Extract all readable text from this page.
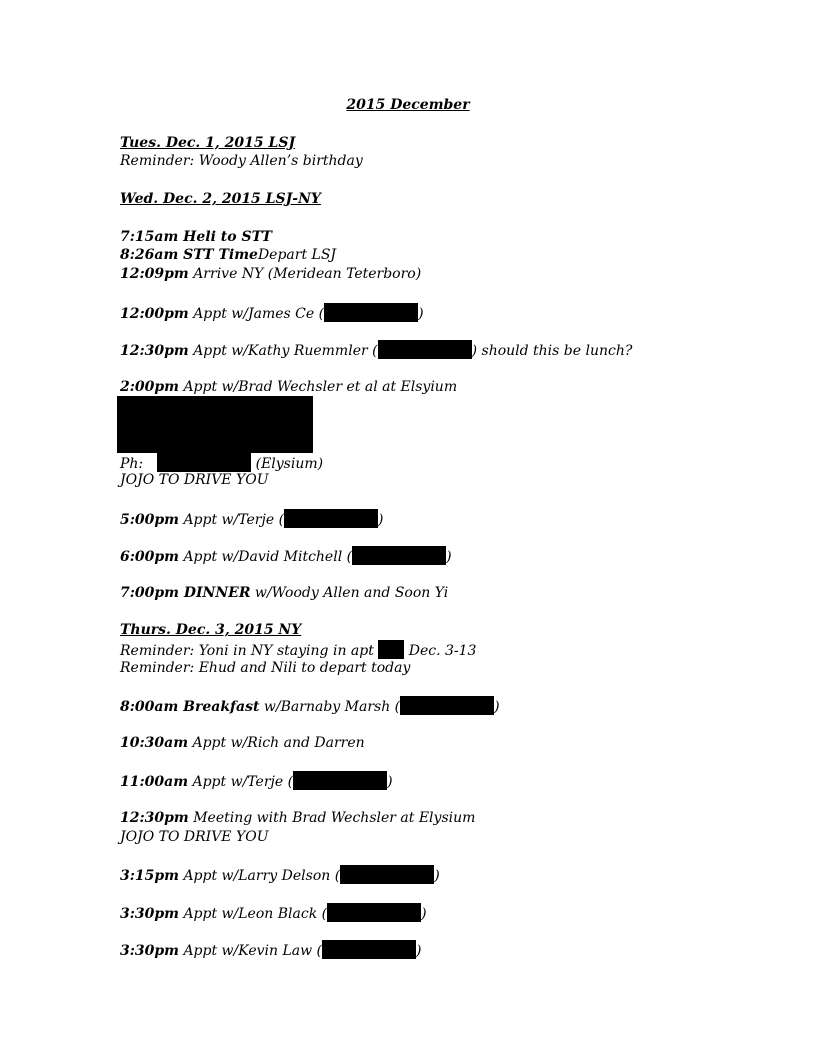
2015 December
Tues. Dec. 1, 2015 LSJ
Reminder: Woody Allen’s birthday
Wed. Dec. 2, 2015 LSJ-NY
7:15am Heli to STT
8:26am STT TimeDepart LSJ
12:09pm Arrive NY (Meridean Teterboro)
12:00pm Appt w/James Ce (	)
12:30pm Appt w/Kathy Ruemmler (	) should this be lunch?
2:00pm Appt w/Brad Wechsler et al at Elsyium
Ph:	(Elysium)
JOJO TO DRIVE YOU
5:00pm Appt w/Terje (	)
6:00pm Appt w/David Mitchell (	)
7:00pm DINNER w/Woody Allen and Soon Yi
Thurs. Dec. 3, 2015 NY
Reminder: Yoni in NY staying in apt  Dec. 3-13
Reminder: Ehud and Nili to depart today
8:00am Breakfast w/Barnaby Marsh (	)
10:30am Appt w/Rich and Darren
11:00am Appt w/Terje (	)
12:30pm Meeting with Brad Wechsler at Elysium
JOJO TO DRIVE YOU
3:15pm Appt w/Larry Delson (	)
3:30pm Appt w/Leon Black (	)
3:30pm Appt w/Kevin Law (	)
